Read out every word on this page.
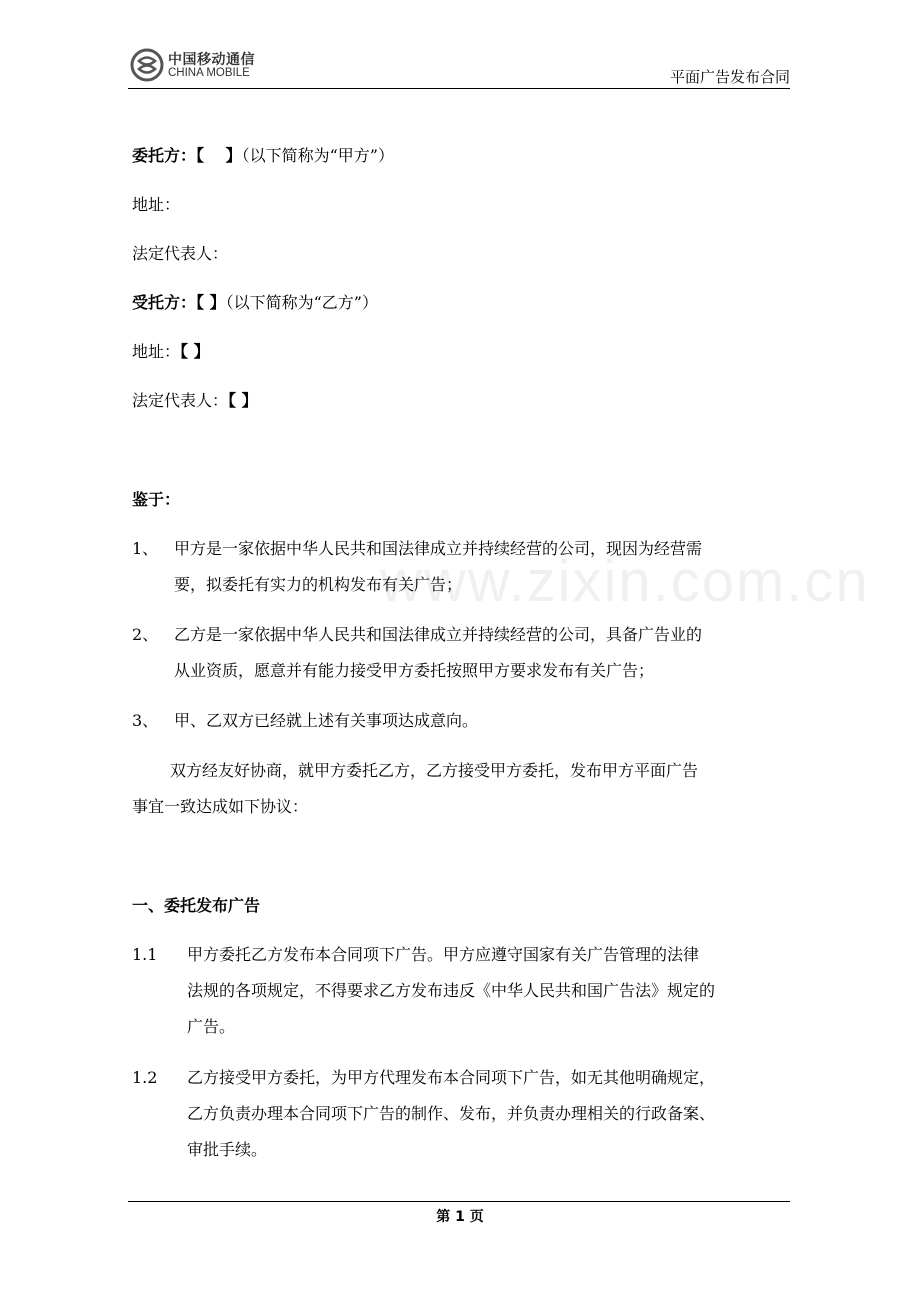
中国移动通信
CHINA MOBILE	平面广告发布合同
www.zixin.com.cn
委托方：【　 】（以下简称为“甲方”）
地址：
法定代表人：
受托方：【 】（以下简称为“乙方”）
地址：【 】
法定代表人：【 】
鉴于：
1、 甲方是一家依据中华人民共和国法律成立并持续经营的公司，现因为经营需
要，拟委托有实力的机构发布有关广告；
2、 乙方是一家依据中华人民共和国法律成立并持续经营的公司，具备广告业的
从业资质，愿意并有能力接受甲方委托按照甲方要求发布有关广告；
3、 甲、乙双方已经就上述有关事项达成意向。
双方经友好协商，就甲方委托乙方，乙方接受甲方委托，发布甲方平面广告
事宜一致达成如下协议：
一、委托发布广告
1.1 甲方委托乙方发布本合同项下广告。甲方应遵守国家有关广告管理的法律
法规的各项规定，不得要求乙方发布违反《中华人民共和国广告法》规定的
广告。
1.2 乙方接受甲方委托，为甲方代理发布本合同项下广告，如无其他明确规定，
乙方负责办理本合同项下广告的制作、发布，并负责办理相关的行政备案、
审批手续。
第 1 页
